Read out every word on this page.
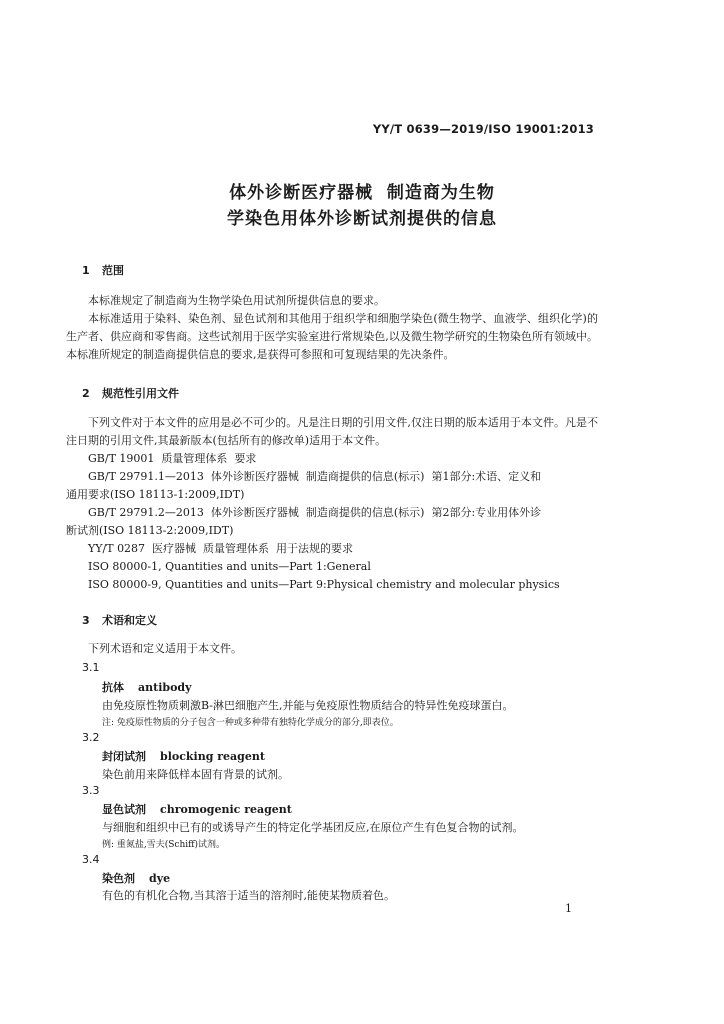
YY/T 0639—2019/ISO 19001:2013
体外诊断医疗器械  制造商为生物
学染色用体外诊断试剂提供的信息
1 范围
本标准规定了制造商为生物学染色用试剂所提供信息的要求。
本标准适用于染料、染色剂、显色试剂和其他用于组织学和细胞学染色(微生物学、血液学、组织化学)的生产者、供应商和零售商。这些试剂用于医学实验室进行常规染色,以及微生物学研究的生物染色所有领域中。本标准所规定的制造商提供信息的要求,是获得可参照和可复现结果的先决条件。
2 规范性引用文件
下列文件对于本文件的应用是必不可少的。凡是注日期的引用文件,仅注日期的版本适用于本文件。凡是不注日期的引用文件,其最新版本(包括所有的修改单)适用于本文件。
GB/T 19001  质量管理体系  要求
GB/T 29791.1—2013  体外诊断医疗器械  制造商提供的信息(标示)  第1部分:术语、定义和
通用要求(ISO 18113-1:2009,IDT)
GB/T 29791.2—2013  体外诊断医疗器械  制造商提供的信息(标示)  第2部分:专业用体外诊
断试剂(ISO 18113-2:2009,IDT)
YY/T 0287  医疗器械  质量管理体系  用于法规的要求
ISO 80000-1, Quantities and units—Part 1:General
ISO 80000-9, Quantities and units—Part 9:Physical chemistry and molecular physics
3 术语和定义
下列术语和定义适用于本文件。
3.1
抗体 antibody
由免疫原性物质刺激B-淋巴细胞产生,并能与免疫原性物质结合的特异性免疫球蛋白。
注: 免疫原性物质的分子包含一种或多种带有独特化学成分的部分,即表位。
3.2
封闭试剂 blocking reagent
染色前用来降低样本固有背景的试剂。
3.3
显色试剂 chromogenic reagent
与细胞和组织中已有的或诱导产生的特定化学基团反应,在原位产生有色复合物的试剂。
例: 重氮盐,雪夫(Schiff)试剂。
3.4
染色剂 dye
有色的有机化合物,当其溶于适当的溶剂时,能使某物质着色。
1
